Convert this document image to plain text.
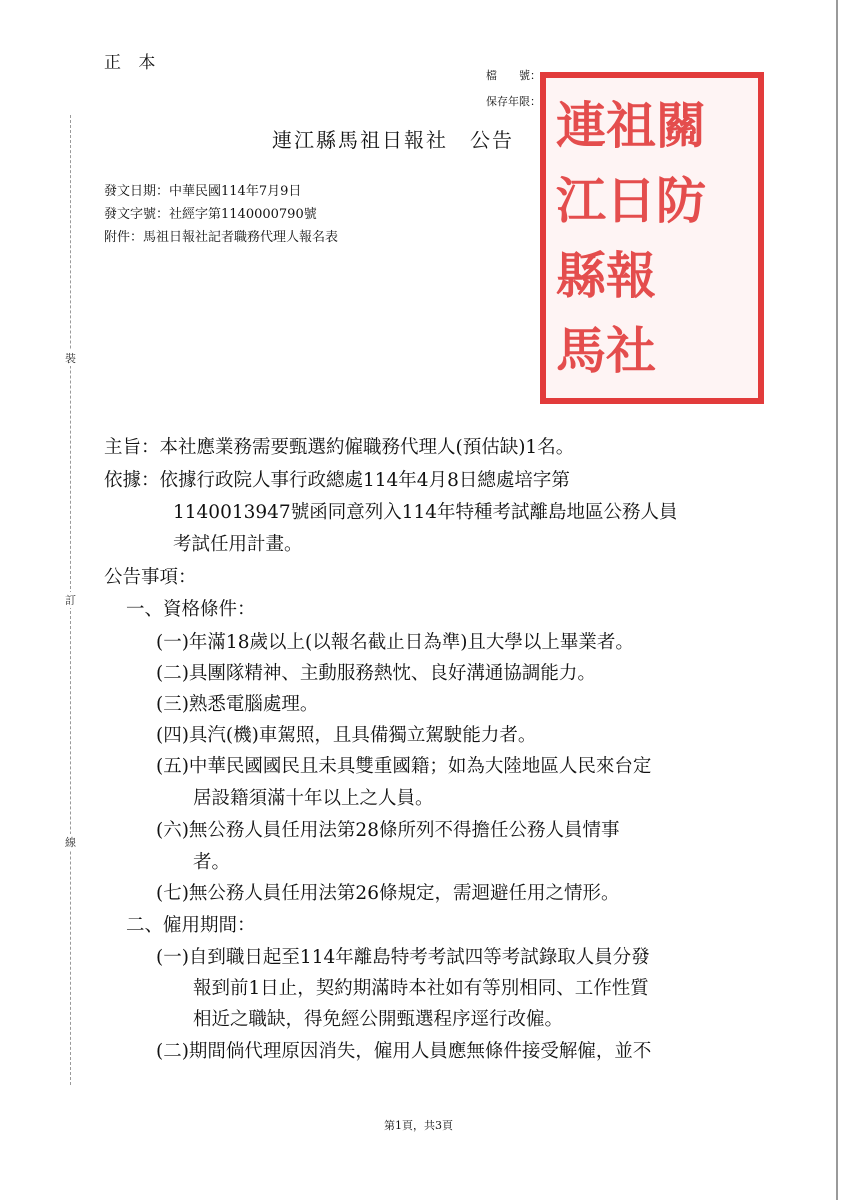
裝
訂
線
正 本
檔　　號：
保存年限： 連
江
縣
馬
祖
日
報
社
關
防
連江縣馬祖日報社　公告
發文日期：中華民國114年7月9日
發文字號：社經字第1140000790號
附件：馬祖日報社記者職務代理人報名表
主旨：本社應業務需要甄選約僱職務代理人(預估缺)1名。
依據：依據行政院人事行政總處114年4月8日總處培字第
1140013947號函同意列入114年特種考試離島地區公務人員
考試任用計畫。
公告事項：
一、資格條件：
(一)年滿18歲以上(以報名截止日為準)且大學以上畢業者。
(二)具團隊精神、主動服務熱忱、良好溝通協調能力。
(三)熟悉電腦處理。
(四)具汽(機)車駕照，且具備獨立駕駛能力者。
(五)中華民國國民且未具雙重國籍；如為大陸地區人民來台定
居設籍須滿十年以上之人員。
(六)無公務人員任用法第28條所列不得擔任公務人員情事
者。
(七)無公務人員任用法第26條規定，需迴避任用之情形。
二、僱用期間：
(一)自到職日起至114年離島特考考試四等考試錄取人員分發
報到前1日止，契約期滿時本社如有等別相同、工作性質
相近之職缺，得免經公開甄選程序逕行改僱。
(二)期間倘代理原因消失，僱用人員應無條件接受解僱，並不
第1頁，共3頁
